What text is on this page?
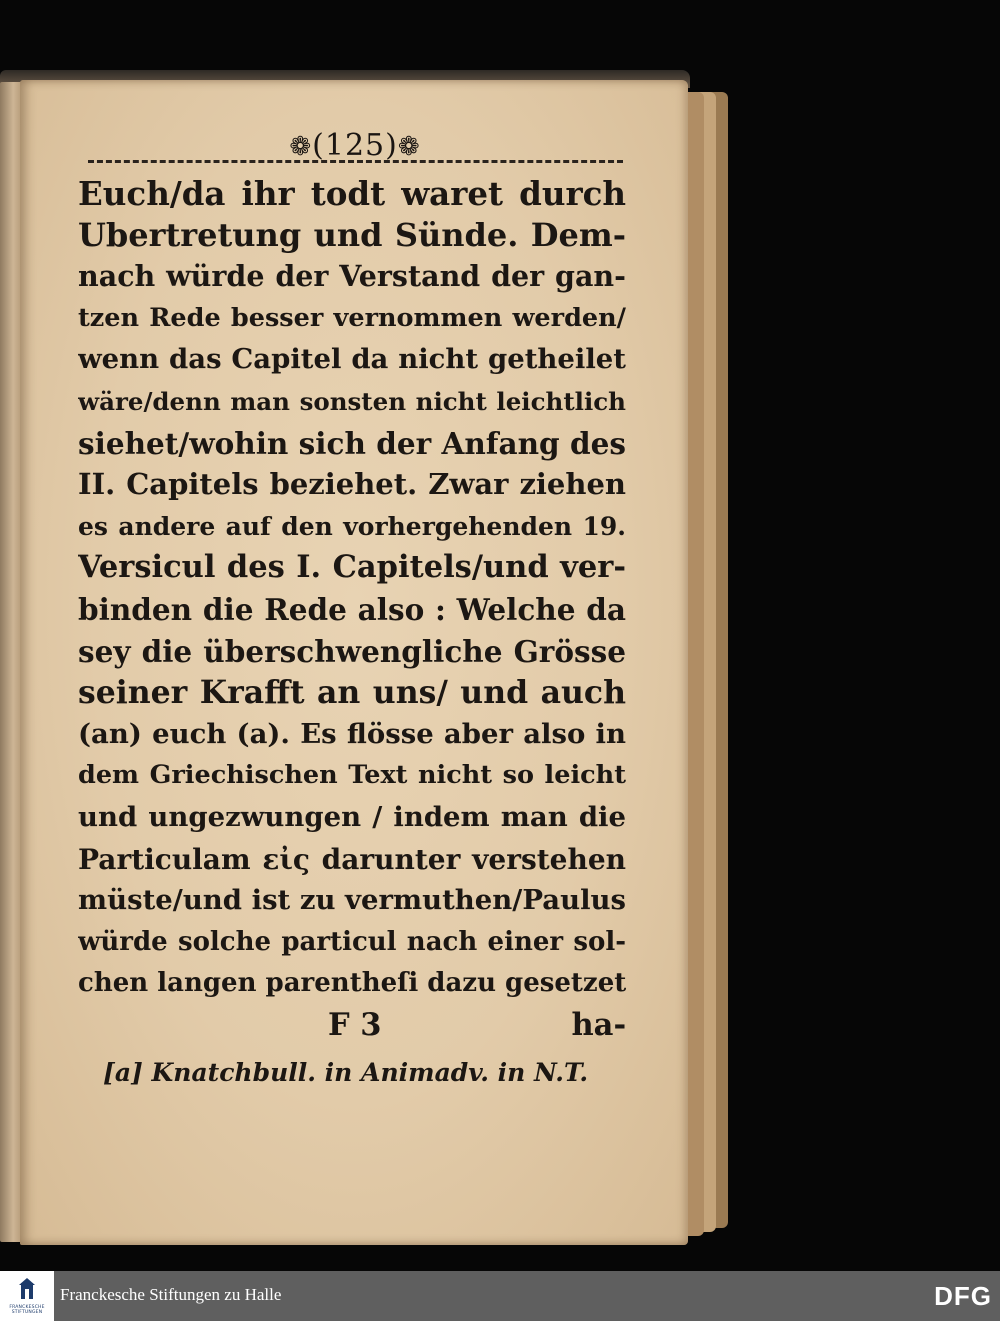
❁(125)❁
Euch/da ihr todt waret durch
Ubertretung und Sünde. Dem-
nach würde der Verstand der gan-
tzen Rede besser vernommen werden/
wenn das Capitel da nicht getheilet
wäre/denn man sonsten nicht leichtlich
siehet/wohin sich der Anfang des
II. Capitels beziehet. Zwar ziehen
es andere auf den vorhergehenden 19.
Versicul des I. Capitels/und ver-
binden die Rede also : Welche da
sey die überschwengliche Grösse
seiner Krafft an uns/ und auch
(an) euch (a). Es flösse aber also in
dem Griechischen Text nicht so leicht
und ungezwungen / indem man die
Particulam εἰς darunter verstehen
müste/und ist zu vermuthen/Paulus
würde solche particul nach einer sol-
chen langen parentheſi dazu gesetzet
F 3	ha-
[a] Knatchbull. in Animadv. in N.T.
FRANCKESCHE
STIFTUNGEN
Franckesche Stiftungen zu Halle	DFG
